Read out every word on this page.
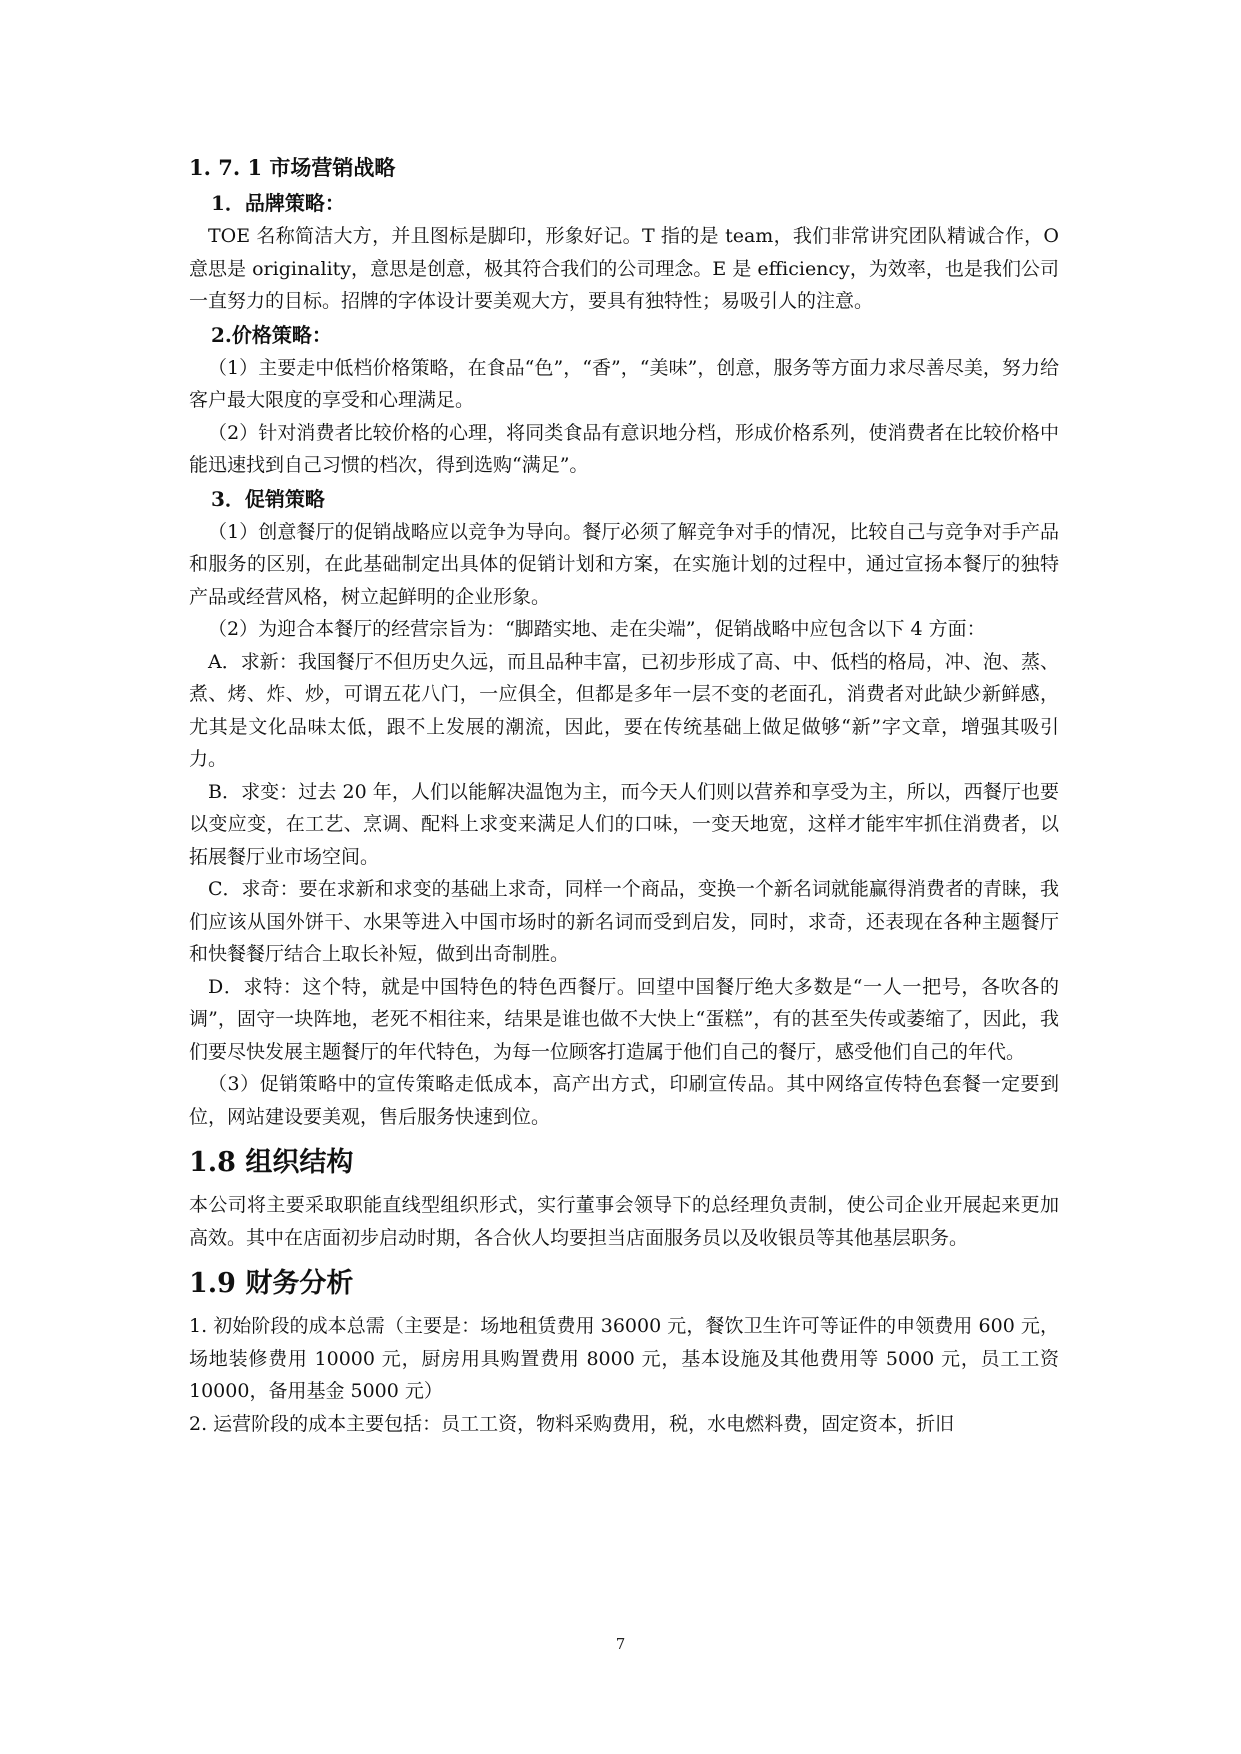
1. 7. 1 市场营销战略

1．品牌策略：

TOE 名称简洁大方，并且图标是脚印，形象好记。T 指的是 team，我们非常讲究团队精诚合作，O 意思是 originality，意思是创意，极其符合我们的公司理念。E 是 efficiency，为效率，也是我们公司一直努力的目标。招牌的字体设计要美观大方，要具有独特性；易吸引人的注意。

2.价格策略：

（1）主要走中低档价格策略，在食品“色”，“香”，“美味”，创意，服务等方面力求尽善尽美，努力给客户最大限度的享受和心理满足。

（2）针对消费者比较价格的心理，将同类食品有意识地分档，形成价格系列，使消费者在比较价格中能迅速找到自己习惯的档次，得到选购“满足”。

3．促销策略

（1）创意餐厅的促销战略应以竞争为导向。餐厅必须了解竞争对手的情况，比较自己与竞争对手产品和服务的区别，在此基础制定出具体的促销计划和方案，在实施计划的过程中，通过宣扬本餐厅的独特产品或经营风格，树立起鲜明的企业形象。

（2）为迎合本餐厅的经营宗旨为：“脚踏实地、走在尖端”，促销战略中应包含以下 4 方面：

A．求新：我国餐厅不但历史久远，而且品种丰富，已初步形成了高、中、低档的格局，冲、泡、蒸、煮、烤、炸、炒，可谓五花八门，一应俱全，但都是多年一层不变的老面孔，消费者对此缺少新鲜感，尤其是文化品味太低，跟不上发展的潮流，因此，要在传统基础上做足做够“新”字文章，增强其吸引力。

B．求变：过去 20 年，人们以能解决温饱为主，而今天人们则以营养和享受为主，所以，西餐厅也要以变应变，在工艺、烹调、配料上求变来满足人们的口味，一变天地宽，这样才能牢牢抓住消费者，以拓展餐厅业市场空间。

C．求奇：要在求新和求变的基础上求奇，同样一个商品，变换一个新名词就能赢得消费者的青睐，我们应该从国外饼干、水果等进入中国市场时的新名词而受到启发，同时，求奇，还表现在各种主题餐厅和快餐餐厅结合上取长补短，做到出奇制胜。

D．求特：这个特，就是中国特色的特色西餐厅。回望中国餐厅绝大多数是“一人一把号，各吹各的调”，固守一块阵地，老死不相往来，结果是谁也做不大快上“蛋糕”，有的甚至失传或萎缩了，因此，我们要尽快发展主题餐厅的年代特色，为每一位顾客打造属于他们自己的餐厅，感受他们自己的年代。

（3）促销策略中的宣传策略走低成本，高产出方式，印刷宣传品。其中网络宣传特色套餐一定要到位，网站建设要美观，售后服务快速到位。

1.8 组织结构

本公司将主要采取职能直线型组织形式，实行董事会领导下的总经理负责制，使公司企业开展起来更加高效。其中在店面初步启动时期，各合伙人均要担当店面服务员以及收银员等其他基层职务。

1.9 财务分析

1. 初始阶段的成本总需（主要是：场地租赁费用 36000 元，餐饮卫生许可等证件的申领费用 600 元，场地装修费用 10000 元，厨房用具购置费用 8000 元，基本设施及其他费用等 5000 元，员工工资 10000，备用基金 5000 元）

2. 运营阶段的成本主要包括：员工工资，物料采购费用，税，水电燃料费，固定资本，折旧

7
